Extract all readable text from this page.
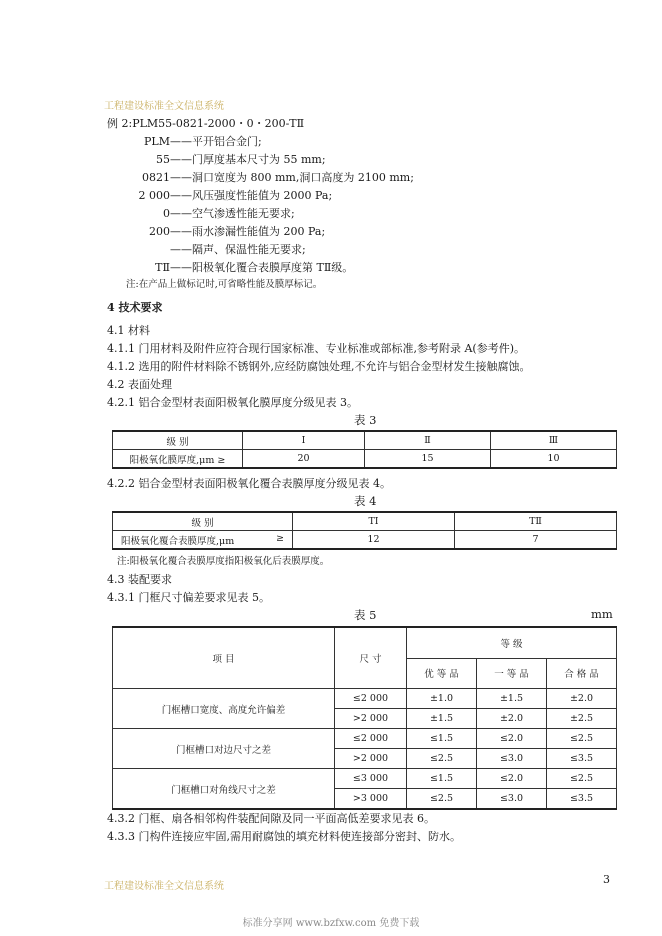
工程建设标准全文信息系统
例 2:PLM55-0821-2000・0・200-TⅡ
PLM ——平开铝合金门;
55 ——门厚度基本尺寸为 55 mm;
0821 ——洞口宽度为 800 mm,洞口高度为 2100 mm;
2 000 ——风压强度性能值为 2000 Pa;
0 ——空气渗透性能无要求;
200 ——雨水渗漏性能值为 200 Pa;
——隔声、保温性能无要求;
TⅡ ——阳极氧化覆合表膜厚度第 TⅡ级。
注:在产品上做标记时,可省略性能及膜厚标记。
4 技术要求
4.1 材料
4.1.1 门用材料及附件应符合现行国家标准、专业标准或部标准,参考附录 A(参考件)。
4.1.2 选用的附件材料除不锈钢外,应经防腐蚀处理,不允许与铝合金型材发生接触腐蚀。
4.2 表面处理
4.2.1 铝合金型材表面阳极氧化膜厚度分级见表 3。
表 3
级 别	Ⅰ	Ⅱ	Ⅲ
阳极氧化膜厚度,μm ≥	20	15	10
4.2.2 铝合金型材表面阳极氧化覆合表膜厚度分级见表 4。
表 4
级 别	TⅠ	TⅡ

阳极氧化覆合表膜厚度,μm ≥	12	7
注:阳极氧化覆合表膜厚度指阳极氧化后表膜厚度。
4.3 装配要求
4.3.1 门框尺寸偏差要求见表 5。
表 5	mm
项 目	尺 寸	等 级		
		优 等 品	一 等 品	合 格 品
门框槽口宽度、高度允许偏差	≤2 000	±1.0	±1.5	±2.0
	>2 000	±1.5	±2.0	±2.5
门框槽口对边尺寸之差	≤2 000	≤1.5	≤2.0	≤2.5
	>2 000	≤2.5	≤3.0	≤3.5
门框槽口对角线尺寸之差	≤3 000	≤1.5	≤2.0	≤2.5
	>3 000	≤2.5	≤3.0	≤3.5
4.3.2 门框、扇各相邻构件装配间隙及同一平面高低差要求见表 6。
4.3.3 门构件连接应牢固,需用耐腐蚀的填充材料使连接部分密封、防水。
工程建设标准全文信息系统
3
标准分享网 www.bzfxw.com 免费下载
